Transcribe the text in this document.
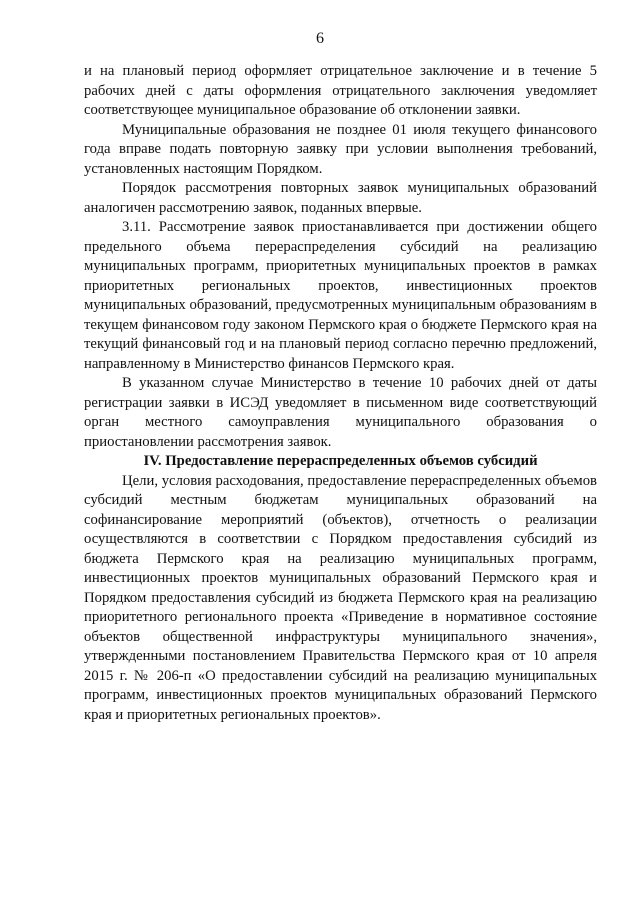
6

и на плановый период оформляет отрицательное заключение и в течение 5 рабочих дней с даты оформления отрицательного заключения уведомляет соответствующее муниципальное образование об отклонении заявки.

Муниципальные образования не позднее 01 июля текущего финансового года вправе подать повторную заявку при условии выполнения требований, установленных настоящим Порядком.

Порядок рассмотрения повторных заявок муниципальных образований аналогичен рассмотрению заявок, поданных впервые.

3.11. Рассмотрение заявок приостанавливается при достижении общего предельного объема перераспределения субсидий на реализацию муниципальных программ, приоритетных муниципальных проектов в рамках приоритетных региональных проектов, инвестиционных проектов муниципальных образований, предусмотренных муниципальным образованиям в текущем финансовом году законом Пермского края о бюджете Пермского края на текущий финансовый год и на плановый период согласно перечню предложений, направленному в Министерство финансов Пермского края.

В указанном случае Министерство в течение 10 рабочих дней от даты регистрации заявки в ИСЭД уведомляет в письменном виде соответствующий орган местного самоуправления муниципального образования о приостановлении рассмотрения заявок.

IV. Предоставление перераспределенных объемов субсидий

Цели, условия расходования, предоставление перераспределенных объемов субсидий местным бюджетам муниципальных образований на софинансирование мероприятий (объектов), отчетность о реализации осуществляются в соответствии с Порядком предоставления субсидий из бюджета Пермского края на реализацию муниципальных программ, инвестиционных проектов муниципальных образований Пермского края и Порядком предоставления субсидий из бюджета Пермского края на реализацию приоритетного регионального проекта «Приведение в нормативное состояние объектов общественной инфраструктуры муниципального значения», утвержденными постановлением Правительства Пермского края от 10 апреля 2015 г. № 206-п «О предоставлении субсидий на реализацию муниципальных программ, инвестиционных проектов муниципальных образований Пермского края и приоритетных региональных проектов».
